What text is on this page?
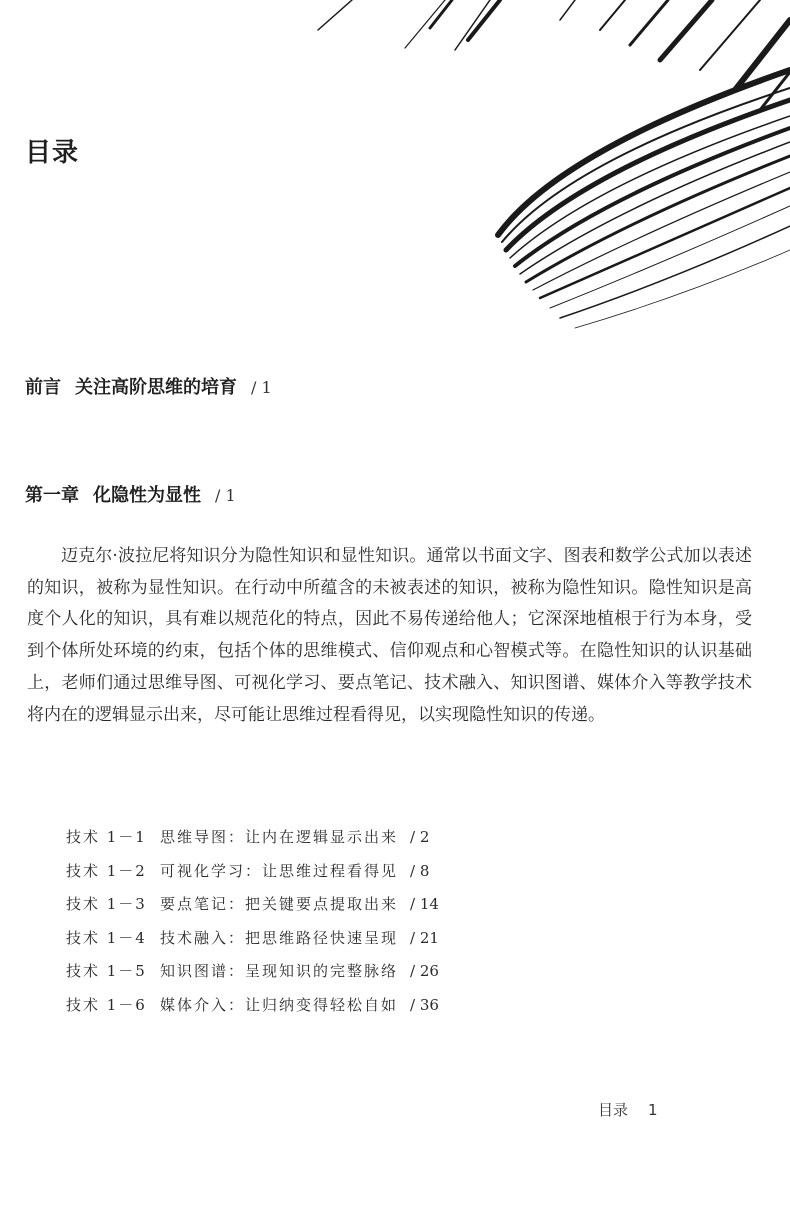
目录
前言 关注高阶思维的培育 / 1
第一章 化隐性为显性 / 1

迈克尔·波拉尼将知识分为隐性知识和显性知识。通常以书面文字、图表和数学公式加以表述的知识，被称为显性知识。在行动中所蕴含的未被表述的知识，被称为隐性知识。隐性知识是高度个人化的知识，具有难以规范化的特点，因此不易传递给他人；它深深地植根于行为本身，受到个体所处环境的约束，包括个体的思维模式、信仰观点和心智模式等。在隐性知识的认识基础上，老师们通过思维导图、可视化学习、要点笔记、技术融入、知识图谱、媒体介入等教学技术将内在的逻辑显示出来，尽可能让思维过程看得见，以实现隐性知识的传递。

技术 1－1 思维导图：让内在逻辑显示出来 / 2
技术 1－2 可视化学习：让思维过程看得见 / 8
技术 1－3 要点笔记：把关键要点提取出来 / 14
技术 1－4 技术融入：把思维路径快速呈现 / 21
技术 1－5 知识图谱：呈现知识的完整脉络 / 26
技术 1－6 媒体介入：让归纳变得轻松自如 / 36
目录 1
